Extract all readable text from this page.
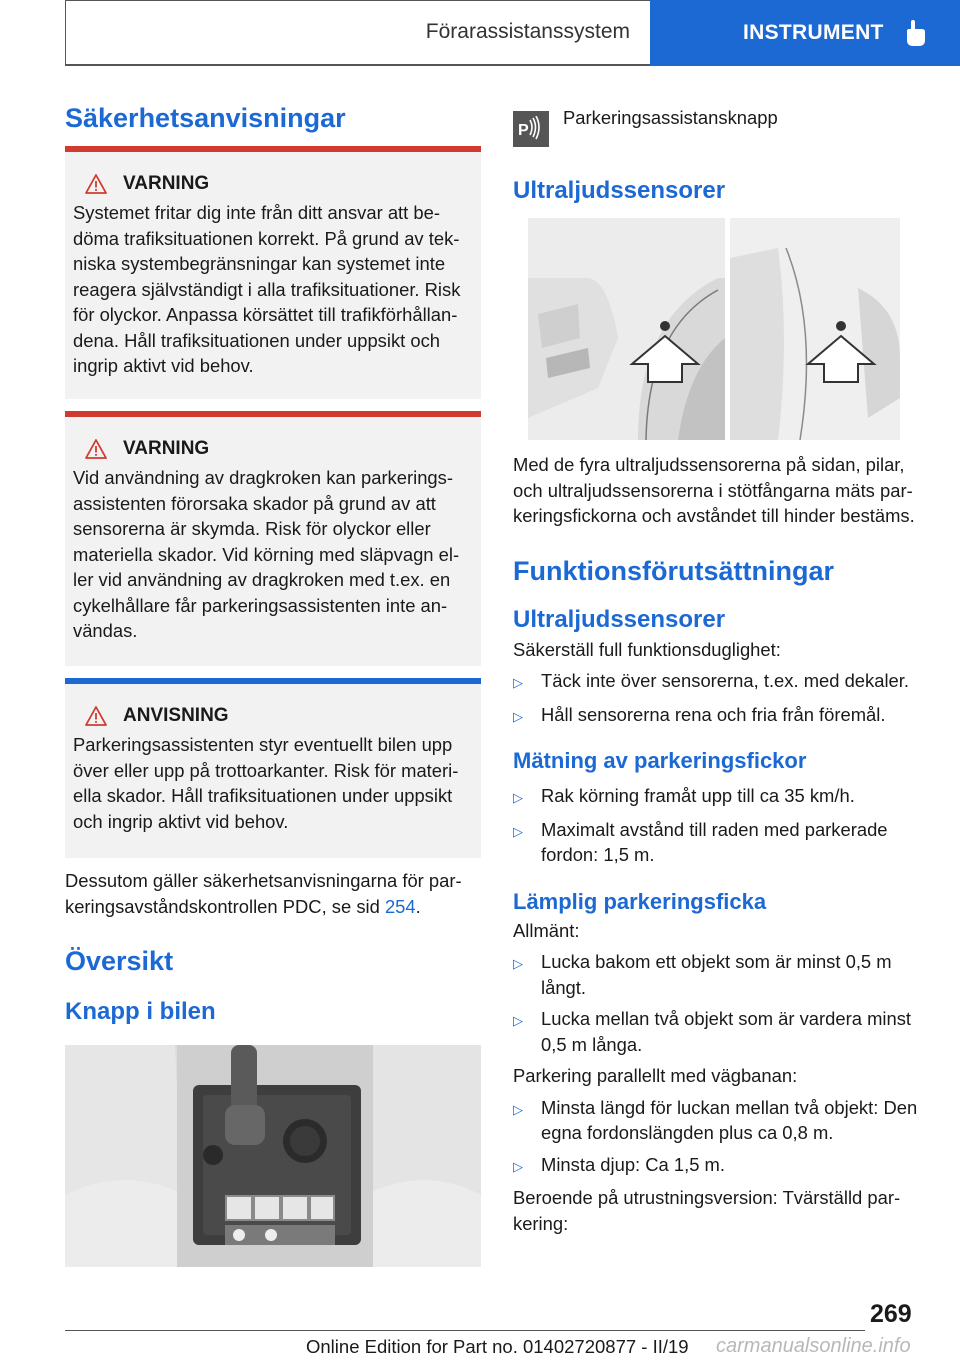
Förarassistanssystem	INSTRUMENT
Säkerhetsanvisningar
VARNING
Systemet fritar dig inte från ditt ansvar att be-döma trafiksituationen korrekt. På grund av tek-niska systembegränsningar kan systemet inte reagera självständigt i alla trafiksituationer. Risk för olyckor. Anpassa körsättet till trafikförhållan-dena. Håll trafiksituationen under uppsikt och ingrip aktivt vid behov.
VARNING
Vid användning av dragkroken kan parkerings-assistenten förorsaka skador på grund av att sensorerna är skymda. Risk för olyckor eller materiella skador. Vid körning med släpvagn el-ler vid användning av dragkroken med t.ex. en cykelhållare får parkeringsassistenten inte an-vändas.
ANVISNING
Parkeringsassistenten styr eventuellt bilen upp över eller upp på trottoarkanter. Risk för materi-ella skador. Håll trafiksituationen under uppsikt och ingrip aktivt vid behov.

Dessutom gäller säkerhetsanvisningarna för par-keringsavståndskontrollen PDC, se sid 254.

Översikt
Knapp i bilen
P
Parkeringsassistansknapp
Ultraljudssensorer

Med de fyra ultraljudssensorerna på sidan, pilar, och ultraljudssensorerna i stötfångarna mäts par-keringsfickorna och avståndet till hinder bestäms.

Funktionsförutsättningar
Ultraljudssensorer

Säkerställ full funktionsduglighet:

▷ Täck inte över sensorerna, t.ex. med dekaler.
▷ Håll sensorerna rena och fria från föremål.
Mätning av parkeringsfickor
▷ Rak körning framåt upp till ca 35 km/h.
▷ Maximalt avstånd till raden med parkerade fordon: 1,5 m.
Lämplig parkeringsficka

Allmänt:

▷ Lucka bakom ett objekt som är minst 0,5 m långt.
▷ Lucka mellan två objekt som är vardera minst 0,5 m långa.

Parkering parallellt med vägbanan:

▷ Minsta längd för luckan mellan två objekt: Den egna fordonslängden plus ca 0,8 m.
▷ Minsta djup: Ca 1,5 m.

Beroende på utrustningsversion: Tvärställd par-kering:

269
Online Edition for Part no. 01402720877 - II/19 carmanualsonline.info
